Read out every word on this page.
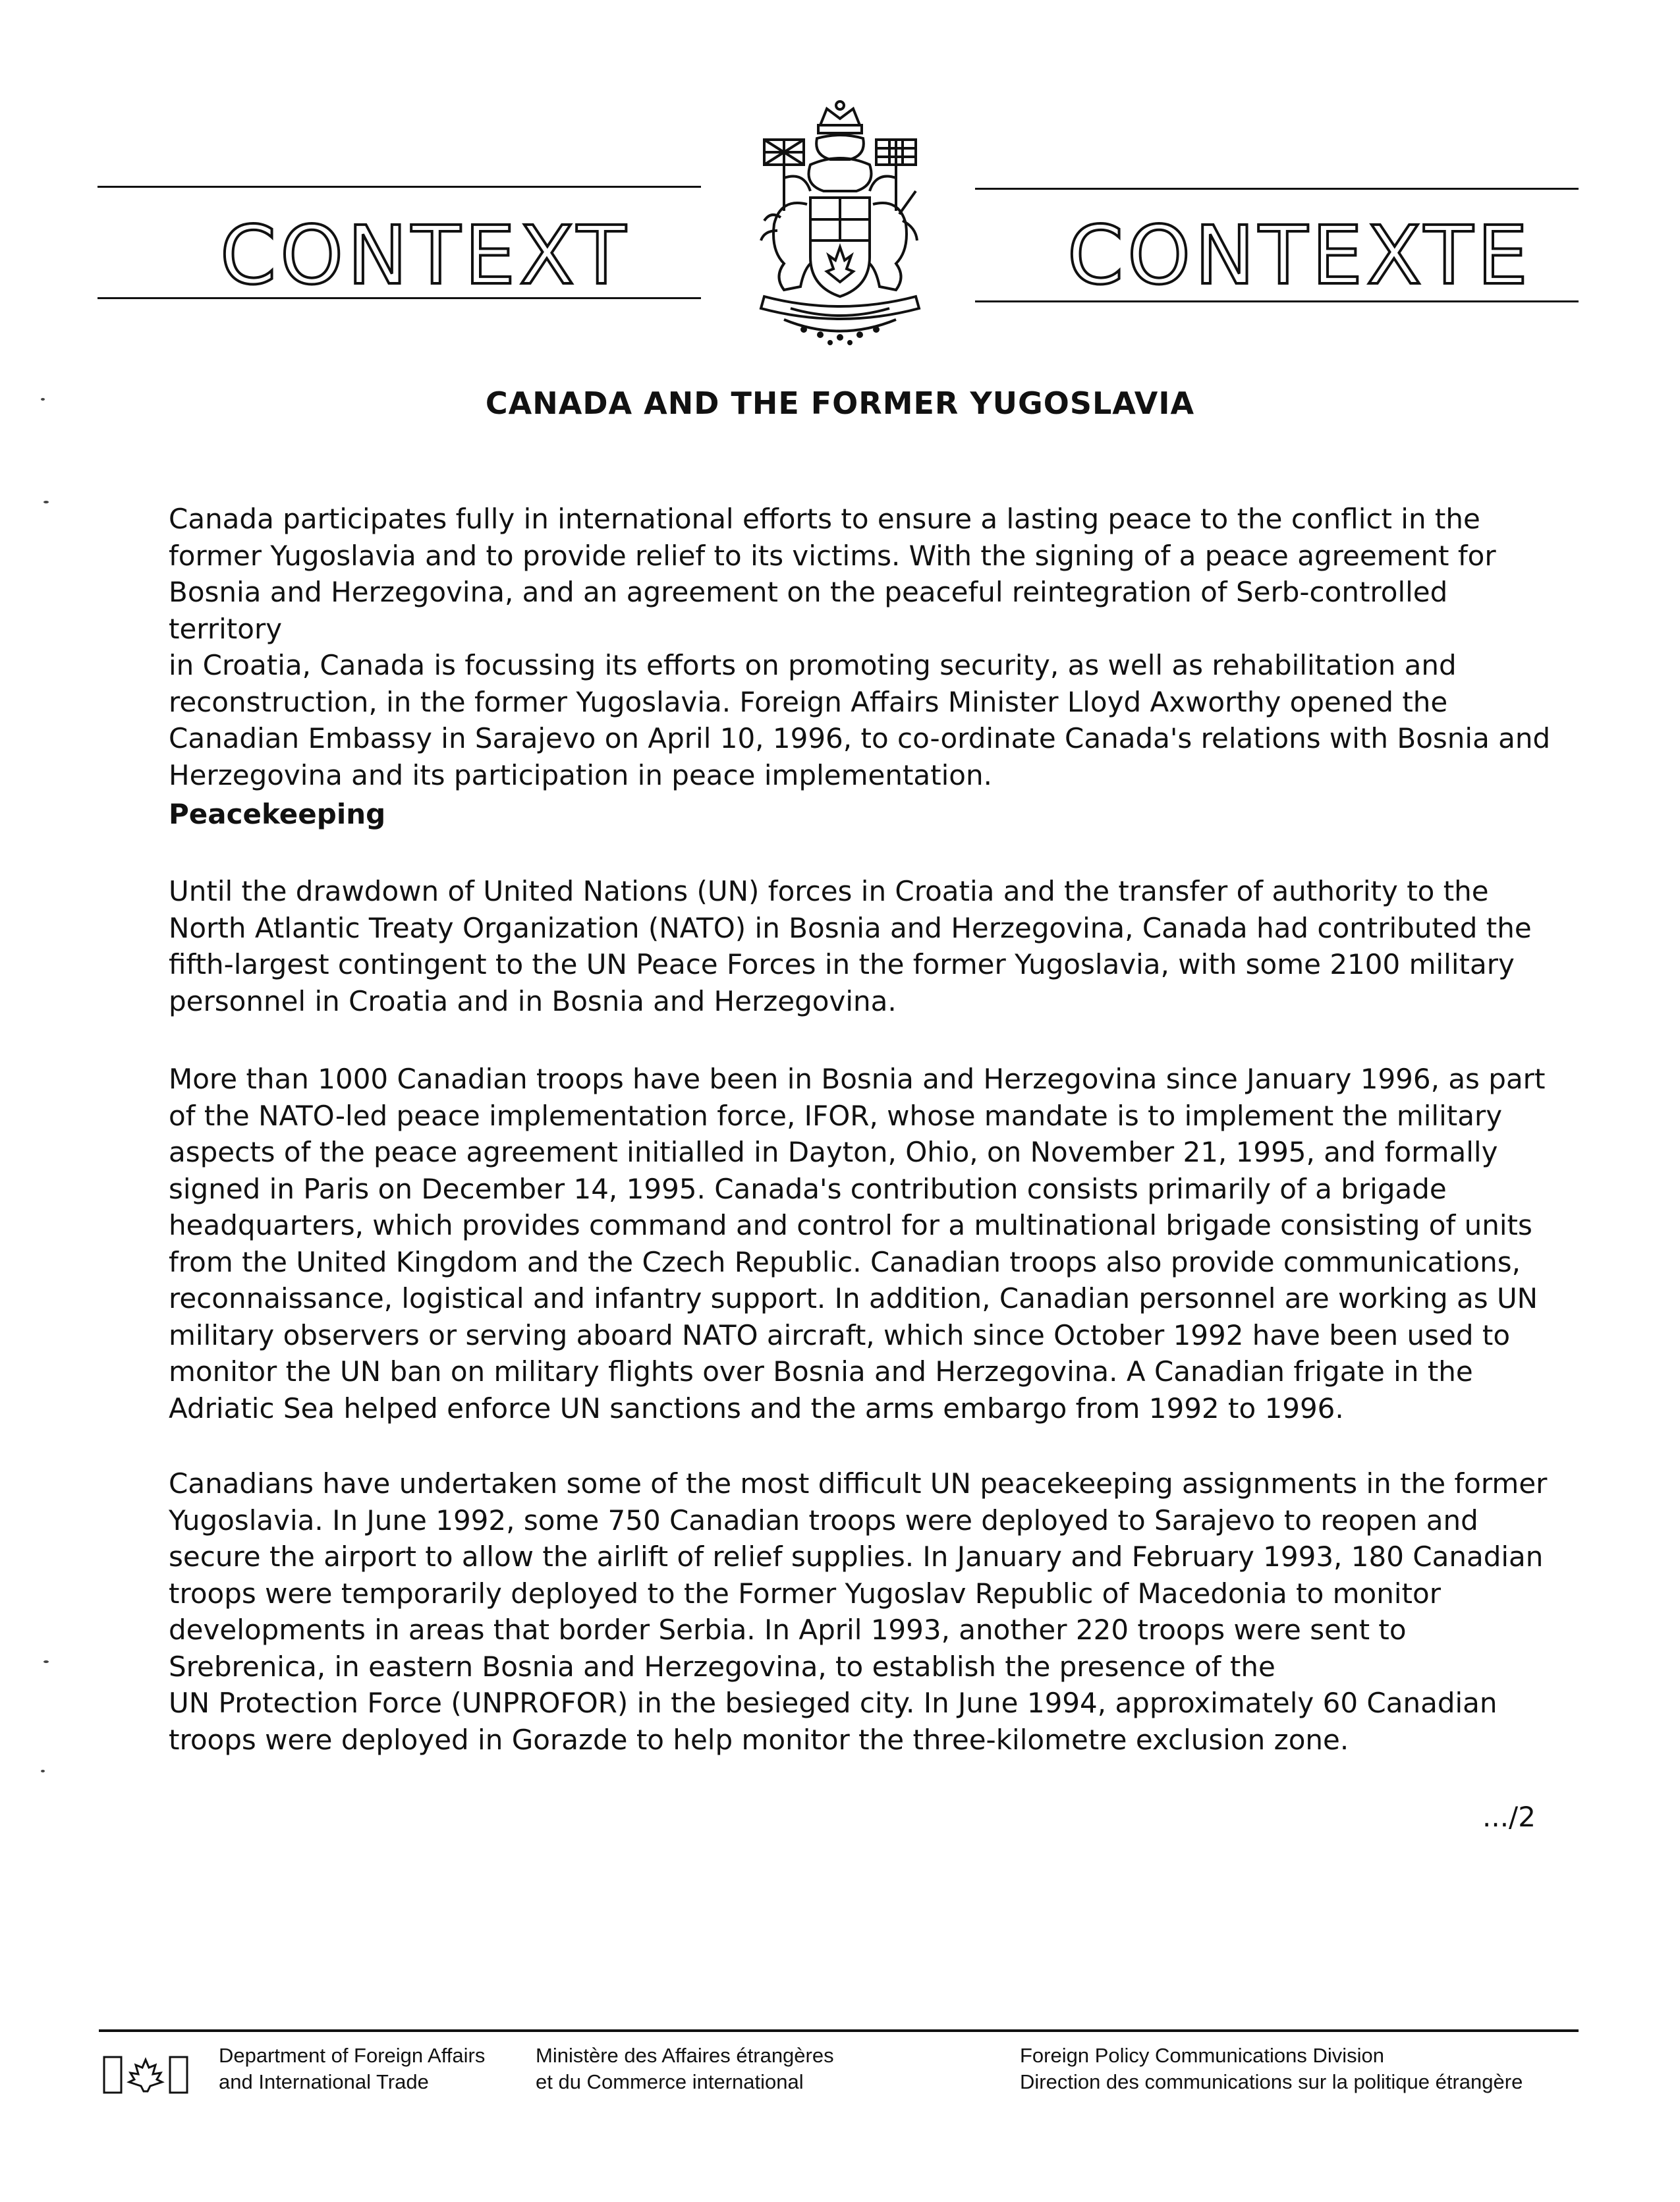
CONTEXT	CONTEXTE
CANADA AND THE FORMER YUGOSLAVIA

Canada participates fully in international efforts to ensure a lasting peace to the conflict in the
former Yugoslavia and to provide relief to its victims. With the signing of a peace agreement for
Bosnia and Herzegovina, and an agreement on the peaceful reintegration of Serb-controlled territory
in Croatia, Canada is focussing its efforts on promoting security, as well as rehabilitation and
reconstruction, in the former Yugoslavia. Foreign Affairs Minister Lloyd Axworthy opened the
Canadian Embassy in Sarajevo on April 10, 1996, to co-ordinate Canada's relations with Bosnia and
Herzegovina and its participation in peace implementation.

Peacekeeping

Until the drawdown of United Nations (UN) forces in Croatia and the transfer of authority to the
North Atlantic Treaty Organization (NATO) in Bosnia and Herzegovina, Canada had contributed the
fifth-largest contingent to the UN Peace Forces in the former Yugoslavia, with some 2100 military
personnel in Croatia and in Bosnia and Herzegovina.

More than 1000 Canadian troops have been in Bosnia and Herzegovina since January 1996, as part
of the NATO-led peace implementation force, IFOR, whose mandate is to implement the military
aspects of the peace agreement initialled in Dayton, Ohio, on November 21, 1995, and formally
signed in Paris on December 14, 1995. Canada's contribution consists primarily of a brigade
headquarters, which provides command and control for a multinational brigade consisting of units
from the United Kingdom and the Czech Republic. Canadian troops also provide communications,
reconnaissance, logistical and infantry support. In addition, Canadian personnel are working as UN
military observers or serving aboard NATO aircraft, which since October 1992 have been used to
monitor the UN ban on military flights over Bosnia and Herzegovina. A Canadian frigate in the
Adriatic Sea helped enforce UN sanctions and the arms embargo from 1992 to 1996.

Canadians have undertaken some of the most difficult UN peacekeeping assignments in the former
Yugoslavia. In June 1992, some 750 Canadian troops were deployed to Sarajevo to reopen and
secure the airport to allow the airlift of relief supplies. In January and February 1993, 180 Canadian
troops were temporarily deployed to the Former Yugoslav Republic of Macedonia to monitor
developments in areas that border Serbia. In April 1993, another 220 troops were sent to
Srebrenica, in eastern Bosnia and Herzegovina, to establish the presence of the
UN Protection Force (UNPROFOR) in the besieged city. In June 1994, approximately 60 Canadian
troops were deployed in Gorazde to help monitor the three-kilometre exclusion zone.

.../2
Department of Foreign Affairs
and International Trade
Ministère des Affaires étrangères
et du Commerce international
Foreign Policy Communications Division
Direction des communications sur la politique étrangère
